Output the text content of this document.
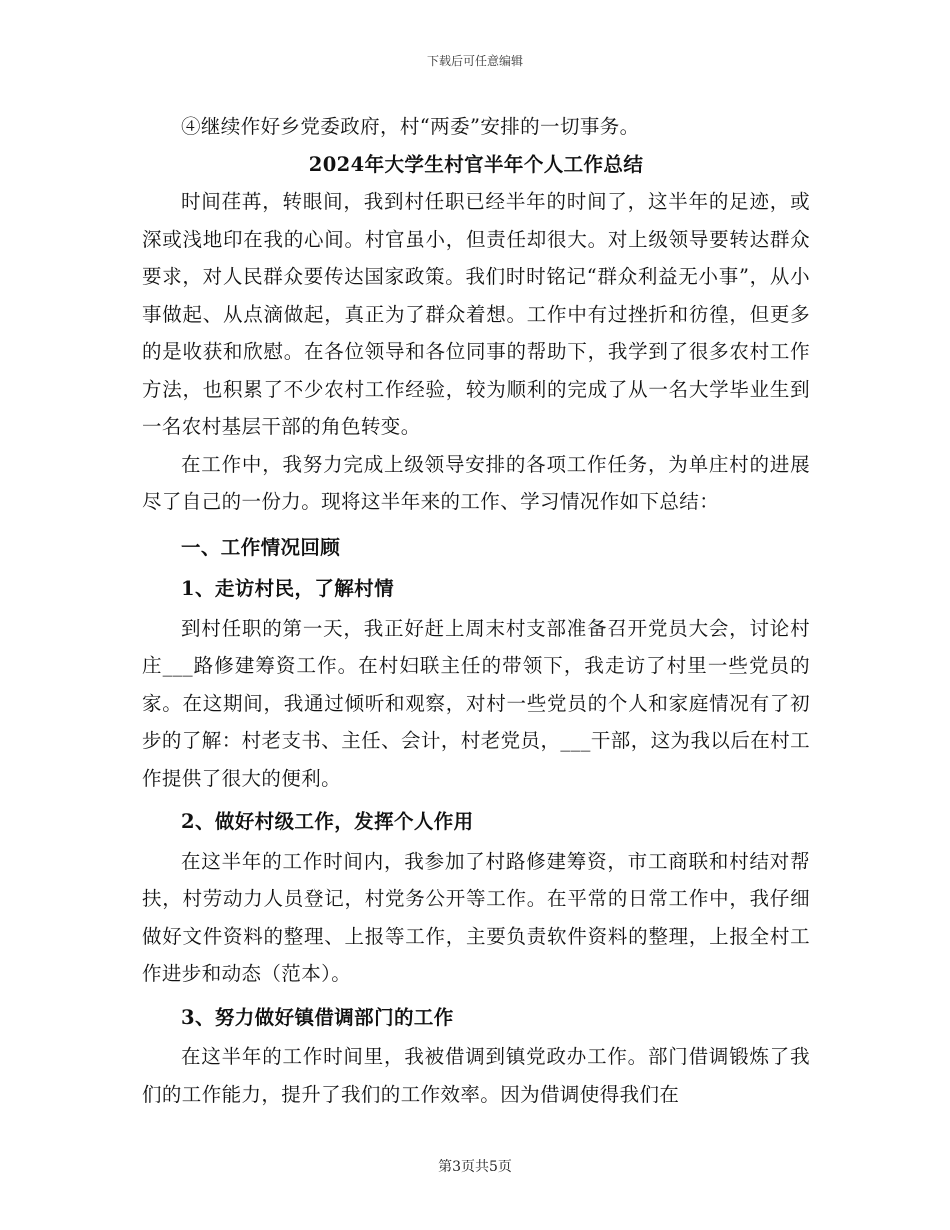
下载后可任意编辑

④继续作好乡党委政府，村“两委”安排的一切事务。

2024年大学生村官半年个人工作总结

时间荏苒，转眼间，我到村任职已经半年的时间了，这半年的足迹，或深或浅地印在我的心间。村官虽小，但责任却很大。对上级领导要转达群众要求，对人民群众要传达国家政策。我们时时铭记“群众利益无小事”，从小事做起、从点滴做起，真正为了群众着想。工作中有过挫折和彷徨，但更多的是收获和欣慰。在各位领导和各位同事的帮助下，我学到了很多农村工作方法，也积累了不少农村工作经验，较为顺利的完成了从一名大学毕业生到一名农村基层干部的角色转变。

在工作中，我努力完成上级领导安排的各项工作任务，为单庄村的进展尽了自己的一份力。现将这半年来的工作、学习情况作如下总结：

一、工作情况回顾
1、走访村民，了解村情

到村任职的第一天，我正好赶上周末村支部准备召开党员大会，讨论村庄___路修建筹资工作。在村妇联主任的带领下，我走访了村里一些党员的家。在这期间，我通过倾听和观察，对村一些党员的个人和家庭情况有了初步的了解：村老支书、主任、会计，村老党员，___干部，这为我以后在村工作提供了很大的便利。

2、做好村级工作，发挥个人作用

在这半年的工作时间内，我参加了村路修建筹资，市工商联和村结对帮扶，村劳动力人员登记，村党务公开等工作。在平常的日常工作中，我仔细做好文件资料的整理、上报等工作，主要负责软件资料的整理，上报全村工作进步和动态（范本）。

3、努力做好镇借调部门的工作

在这半年的工作时间里，我被借调到镇党政办工作。部门借调锻炼了我们的工作能力，提升了我们的工作效率。因为借调使得我们在

第3页共5页
